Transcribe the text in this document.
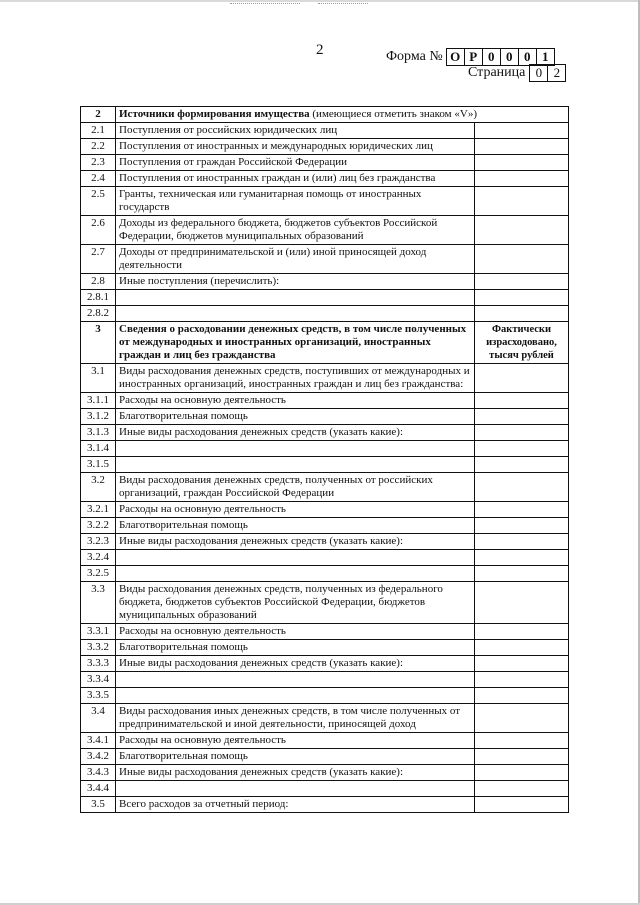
2	Форма № О Р 0 0 0 1
Страница 0 2
2	Источники формирования имущества (имеющиеся отметить знаком «V»)	
2.1	Поступления от российских юридических лиц	
2.2	Поступления от иностранных и международных юридических лиц	
2.3	Поступления от граждан Российской Федерации	
2.4	Поступления от иностранных граждан и (или) лиц без гражданства	
2.5	Гранты, техническая или гуманитарная помощь от иностранных государств	
2.6	Доходы из федерального бюджета, бюджетов субъектов Российской Федерации, бюджетов муниципальных образований	
2.7	Доходы от предпринимательской и (или) иной приносящей доход деятельности	
2.8	Иные поступления (перечислить):	
2.8.1		
2.8.2		
3	Сведения о расходовании денежных средств, в том числе полученных от международных и иностранных организаций, иностранных граждан и лиц без гражданства	Фактически израсходовано, тысяч рублей
3.1	Виды расходования денежных средств, поступивших от международных и иностранных организаций, иностранных граждан и лиц без гражданства:	
3.1.1	Расходы на основную деятельность	
3.1.2	Благотворительная помощь	
3.1.3	Иные виды расходования денежных средств (указать какие):	
3.1.4		
3.1.5		
3.2	Виды расходования денежных средств, полученных от российских организаций, граждан Российской Федерации	
3.2.1	Расходы на основную деятельность	
3.2.2	Благотворительная помощь	
3.2.3	Иные виды расходования денежных средств (указать какие):	
3.2.4		
3.2.5		
3.3	Виды расходования денежных средств, полученных из федерального бюджета, бюджетов субъектов Российской Федерации, бюджетов муниципальных образований	
3.3.1	Расходы на основную деятельность	
3.3.2	Благотворительная помощь	
3.3.3	Иные виды расходования денежных средств (указать какие):	
3.3.4		
3.3.5		
3.4	Виды расходования иных денежных средств, в том числе полученных от предпринимательской и иной деятельности, приносящей доход	
3.4.1	Расходы на основную деятельность	
3.4.2	Благотворительная помощь	
3.4.3	Иные виды расходования денежных средств (указать какие):	
3.4.4		
3.5	Всего расходов за отчетный период:	
